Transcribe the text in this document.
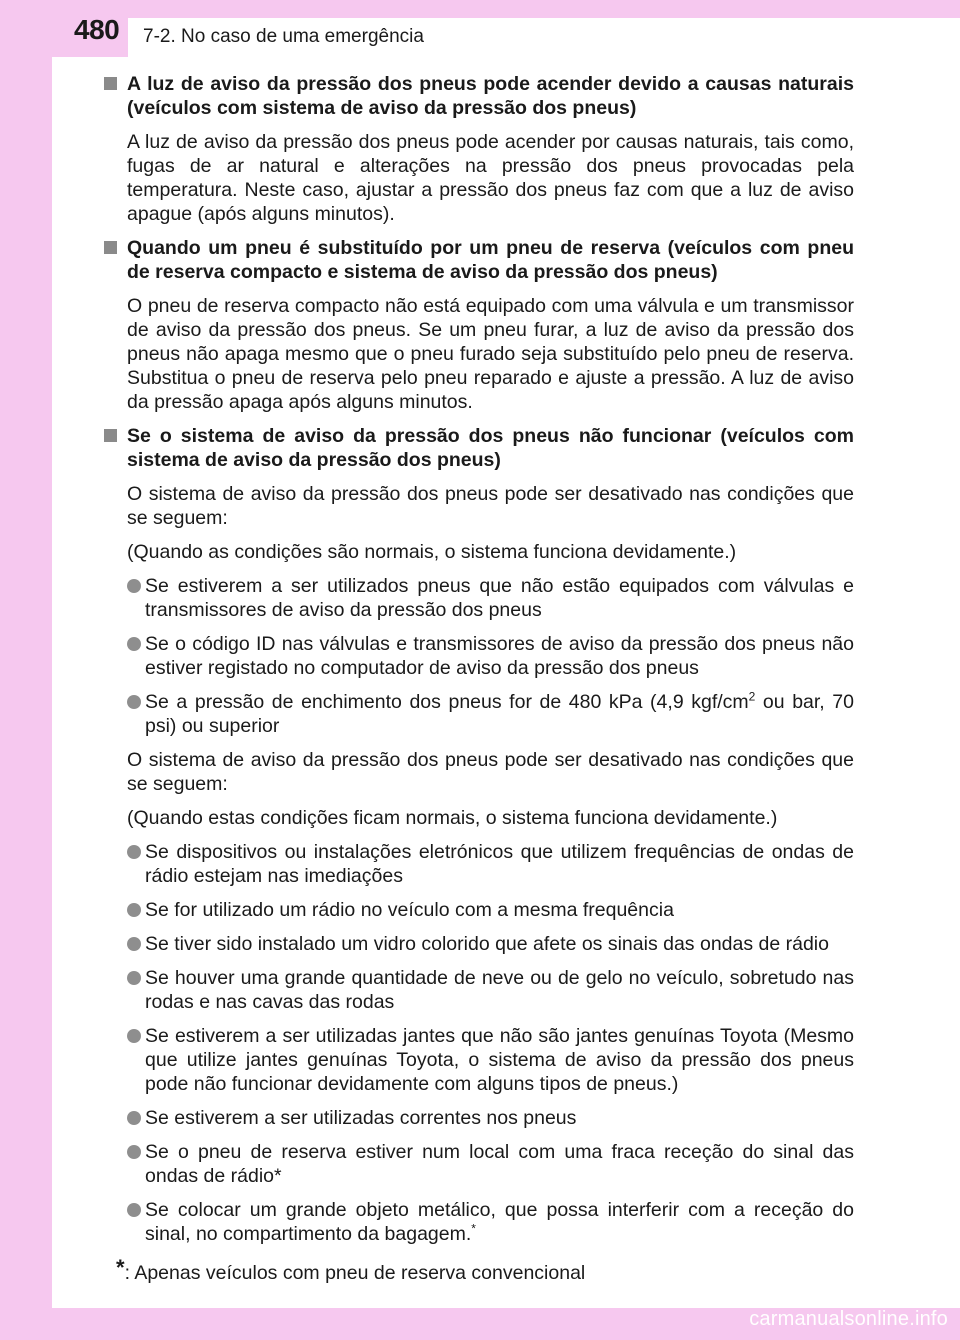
480 7-2. No caso de uma emergência
A luz de aviso da pressão dos pneus pode acender devido a causas naturais (veículos com sistema de aviso da pressão dos pneus)
A luz de aviso da pressão dos pneus pode acender por causas naturais, tais como, fugas de ar natural e alterações na pressão dos pneus provocadas pela temperatura. Neste caso, ajustar a pressão dos pneus faz com que a luz de aviso apague (após alguns minutos).
Quando um pneu é substituído por um pneu de reserva (veículos com pneu de reserva compacto e sistema de aviso da pressão dos pneus)
O pneu de reserva compacto não está equipado com uma válvula e um transmissor de aviso da pressão dos pneus. Se um pneu furar, a luz de aviso da pressão dos pneus não apaga mesmo que o pneu furado seja substituído pelo pneu de reserva. Substitua o pneu de reserva pelo pneu reparado e ajuste a pressão. A luz de aviso da pressão apaga após alguns minutos.
Se o sistema de aviso da pressão dos pneus não funcionar (veículos com sistema de aviso da pressão dos pneus)
O sistema de aviso da pressão dos pneus pode ser desativado nas condições que se seguem:
(Quando as condições são normais, o sistema funciona devidamente.)
Se estiverem a ser utilizados pneus que não estão equipados com válvulas e transmissores de aviso da pressão dos pneus
Se o código ID nas válvulas e transmissores de aviso da pressão dos pneus não estiver registado no computador de aviso da pressão dos pneus
Se a pressão de enchimento dos pneus for de 480 kPa (4,9 kgf/$cm^2$ ou bar, 70 psi) ou superior
O sistema de aviso da pressão dos pneus pode ser desativado nas condições que se seguem:
(Quando estas condições ficam normais, o sistema funciona devidamente.)
Se dispositivos ou instalações eletrónicos que utilizem frequências de ondas de rádio estejam nas imediações
Se for utilizado um rádio no veículo com a mesma frequência
Se tiver sido instalado um vidro colorido que afete os sinais das ondas de rádio
Se houver uma grande quantidade de neve ou de gelo no veículo, sobretudo nas rodas e nas cavas das rodas
Se estiverem a ser utilizadas jantes que não são jantes genuínas Toyota (Mesmo que utilize jantes genuínas Toyota, o sistema de aviso da pressão dos pneus pode não funcionar devidamente com alguns tipos de pneus.)
Se estiverem a ser utilizadas correntes nos pneus
Se o pneu de reserva estiver num local com uma fraca receção do sinal das ondas de rádio*
Se colocar um grande objeto metálico, que possa interferir com a receção do sinal, no compartimento da bagagem.*
*: Apenas veículos com pneu de reserva convencional
carmanualsonline.info
